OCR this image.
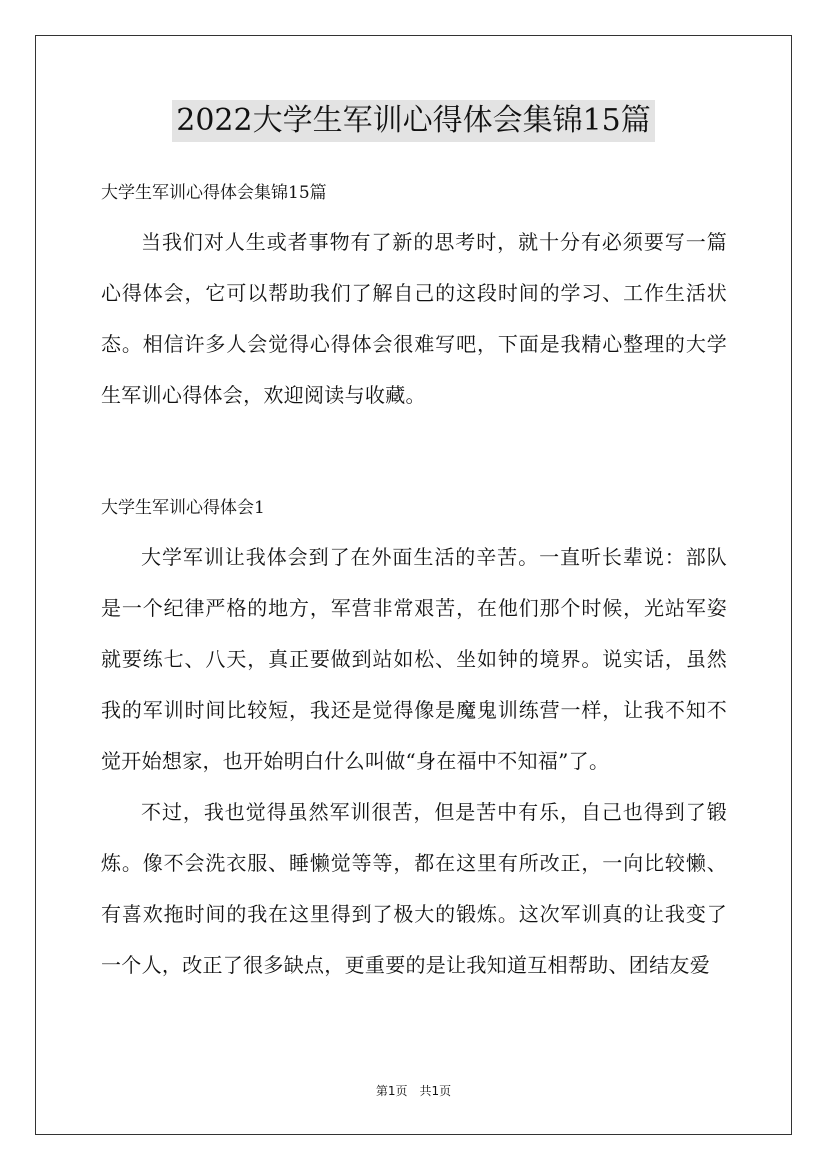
2022大学生军训心得体会集锦15篇
大学生军训心得体会集锦15篇

当我们对人生或者事物有了新的思考时，就十分有必须要写一篇心得体会，它可以帮助我们了解自己的这段时间的学习、工作生活状态。相信许多人会觉得心得体会很难写吧，下面是我精心整理的大学生军训心得体会，欢迎阅读与收藏。

大学生军训心得体会1

大学军训让我体会到了在外面生活的辛苦。一直听长辈说：部队是一个纪律严格的地方，军营非常艰苦，在他们那个时候，光站军姿就要练七、八天，真正要做到站如松、坐如钟的境界。说实话，虽然我的军训时间比较短，我还是觉得像是魔鬼训练营一样，让我不知不觉开始想家，也开始明白什么叫做“身在福中不知福”了。

不过，我也觉得虽然军训很苦，但是苦中有乐，自己也得到了锻炼。像不会洗衣服、睡懒觉等等，都在这里有所改正，一向比较懒、有喜欢拖时间的我在这里得到了极大的锻炼。这次军训真的让我变了一个人，改正了很多缺点，更重要的是让我知道互相帮助、团结友爱

第1页　共1页
